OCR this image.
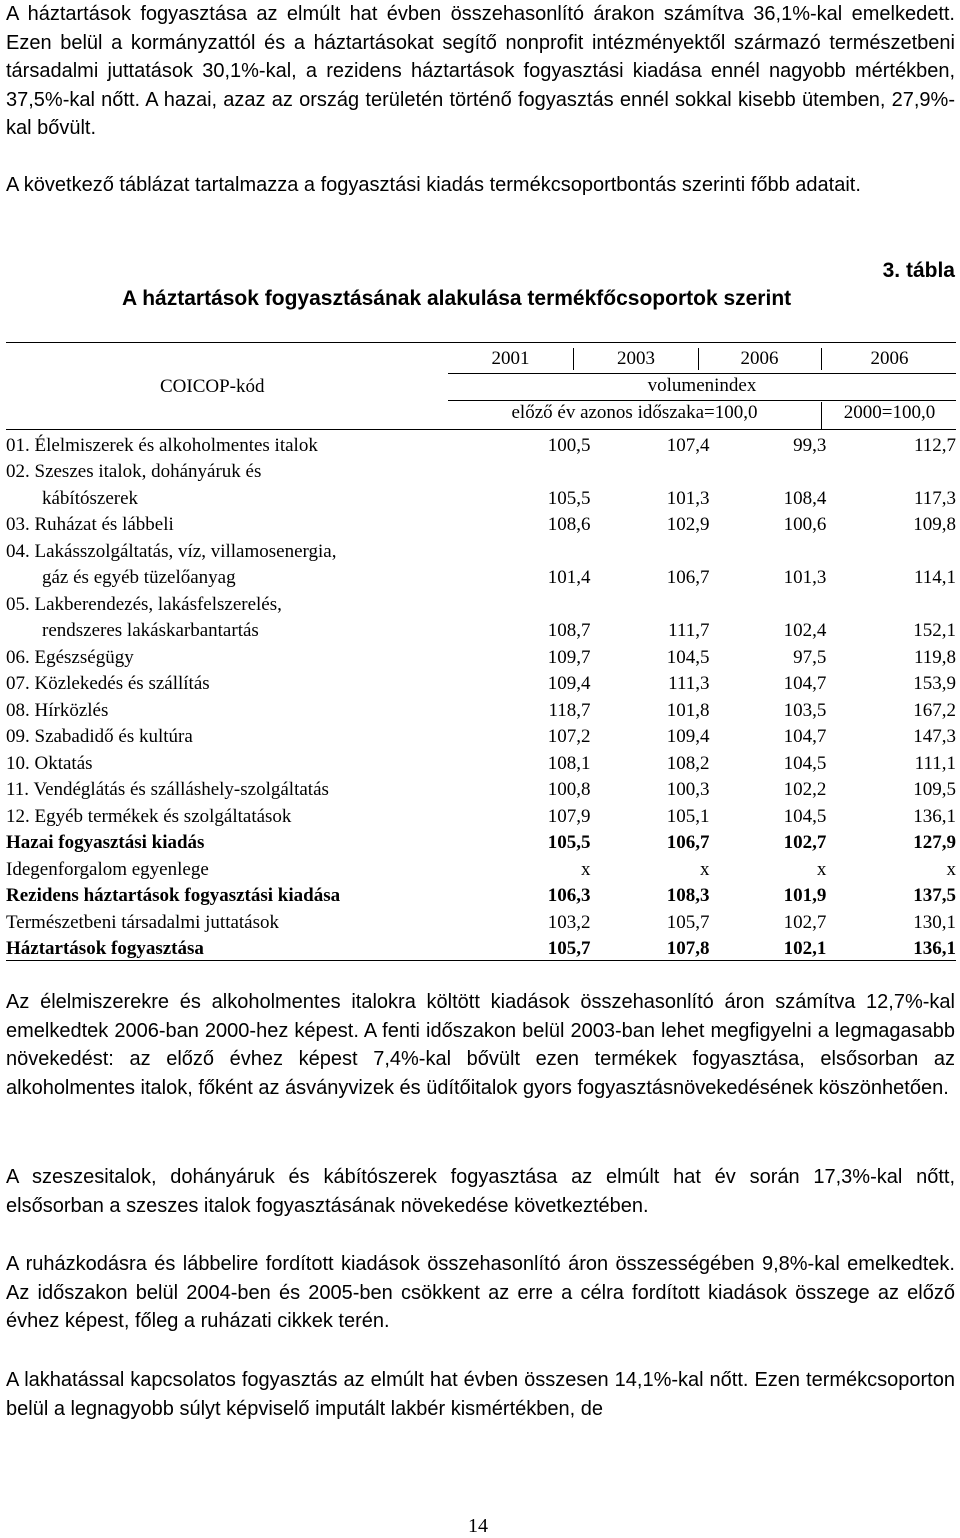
A háztartások fogyasztása az elmúlt hat évben összehasonlító árakon számítva 36,1%-kal emelkedett. Ezen belül a kormányzattól és a háztartásokat segítő nonprofit intézményektől származó természetbeni társadalmi juttatások 30,1%-kal, a rezidens háztartások fogyasztási kiadása ennél nagyobb mértékben, 37,5%-kal nőtt. A hazai, azaz az ország területén történő fogyasztás ennél sokkal kisebb ütemben, 27,9%-kal bővült.

A következő táblázat tartalmazza a fogyasztási kiadás termékcsoportbontás szerinti főbb adatait.

3. tábla
A háztartások fogyasztásának alakulása termékfőcsoportok szerint
COICOP-kód
2001	2003	2006	2006
volumenindex
előző év azonos időszaka=100,0	2000=100,0
01. Élelmiszerek és alkoholmentes italok	100,5	107,4	99,3	112,7
02. Szeszes italok, dohányáruk és				
kábítószerek	105,5	101,3	108,4	117,3
03. Ruházat és lábbeli	108,6	102,9	100,6	109,8
04. Lakásszolgáltatás, víz, villamosenergia,				
gáz és egyéb tüzelőanyag	101,4	106,7	101,3	114,1
05. Lakberendezés, lakásfelszerelés,				
rendszeres lakáskarbantartás	108,7	111,7	102,4	152,1
06. Egészségügy	109,7	104,5	97,5	119,8
07. Közlekedés és szállítás	109,4	111,3	104,7	153,9
08. Hírközlés	118,7	101,8	103,5	167,2
09. Szabadidő és kultúra	107,2	109,4	104,7	147,3
10. Oktatás	108,1	108,2	104,5	111,1
11. Vendéglátás és szálláshely-szolgáltatás	100,8	100,3	102,2	109,5
12. Egyéb termékek és szolgáltatások	107,9	105,1	104,5	136,1
Hazai fogyasztási kiadás	105,5	106,7	102,7	127,9
Idegenforgalom egyenlege	x	x	x	x
Rezidens háztartások fogyasztási kiadása	106,3	108,3	101,9	137,5
Természetbeni társadalmi juttatások	103,2	105,7	102,7	130,1
Háztartások fogyasztása	105,7	107,8	102,1	136,1

Az élelmiszerekre és alkoholmentes italokra költött kiadások összehasonlító áron számítva 12,7%-kal emelkedtek 2006-ban 2000-hez képest. A fenti időszakon belül 2003-ban lehet megfigyelni a legmagasabb növekedést: az előző évhez képest 7,4%-kal bővült ezen termékek fogyasztása, elsősorban az alkoholmentes italok, főként az ásványvizek és üdítőitalok gyors fogyasztásnövekedésének köszönhetően.

A szeszesitalok, dohányáruk és kábítószerek fogyasztása az elmúlt hat év során 17,3%-kal nőtt, elsősorban a szeszes italok fogyasztásának növekedése következtében.

A ruházkodásra és lábbelire fordított kiadások összehasonlító áron összességében 9,8%-kal emelkedtek. Az időszakon belül 2004-ben és 2005-ben csökkent az erre a célra fordított kiadások összege az előző évhez képest, főleg a ruházati cikkek terén.

A lakhatással kapcsolatos fogyasztás az elmúlt hat évben összesen 14,1%-kal nőtt. Ezen termékcsoporton belül a legnagyobb súlyt képviselő imputált lakbér kismértékben, de

14
